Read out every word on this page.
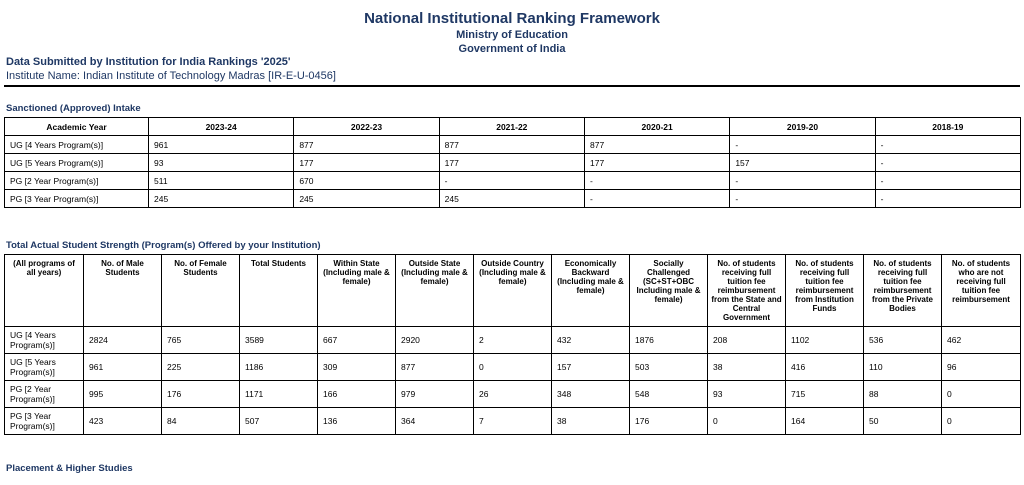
National Institutional Ranking Framework
Ministry of Education
Government of India
Data Submitted by Institution for India Rankings '2025'
Institute Name: Indian Institute of Technology Madras [IR-E-U-0456]
Sanctioned (Approved) Intake
Academic Year	2023-24	2022-23	2021-22	2020-21	2019-20	2018-19
UG [4 Years Program(s)]	961	877	877	877	-	-
UG [5 Years Program(s)]	93	177	177	177	157	-
PG [2 Year Program(s)]	511	670	-	-	-	-
PG [3 Year Program(s)]	245	245	245	-	-	-
Total Actual Student Strength (Program(s) Offered by your Institution)
(All programs of all years)	No. of Male Students	No. of Female Students	Total Students	Within State (Including male & female)	Outside State (Including male & female)	Outside Country (Including male & female)	Economically Backward (Including male & female)	Socially Challenged (SC+ST+OBC Including male & female)	No. of students receiving full tuition fee reimbursement from the State and Central Government	No. of students receiving full tuition fee reimbursement from Institution Funds	No. of students receiving full tuition fee reimbursement from the Private Bodies	No. of students who are not receiving full tuition fee reimbursement
UG [4 Years Program(s)]	2824	765	3589	667	2920	2	432	1876	208	1102	536	462
UG [5 Years Program(s)]	961	225	1186	309	877	0	157	503	38	416	110	96
PG [2 Year Program(s)]	995	176	1171	166	979	26	348	548	93	715	88	0
PG [3 Year Program(s)]	423	84	507	136	364	7	38	176	0	164	50	0
Placement & Higher Studies
